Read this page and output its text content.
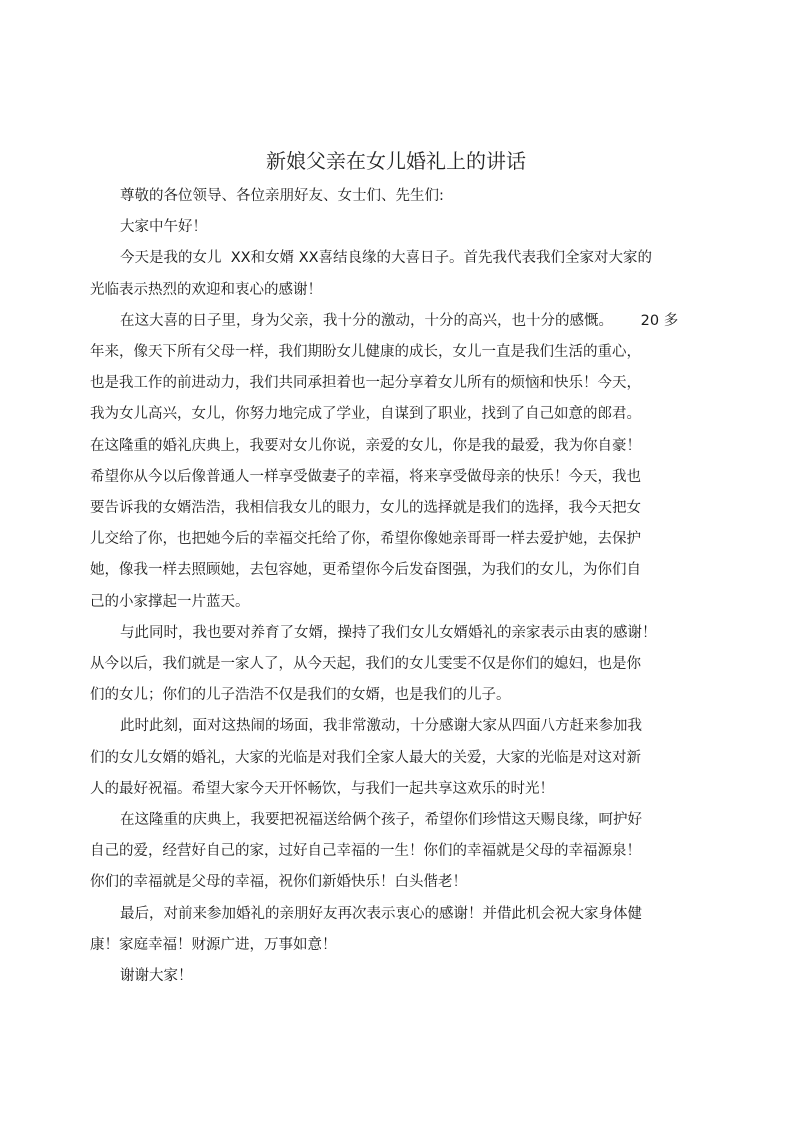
新娘父亲在女儿婚礼上的讲话
尊敬的各位领导、各位亲朋好友、女士们、先生们:
大家中午好！
今天是我的女儿  XX和女婿 XX喜结良缘的大喜日子。首先我代表我们全家对大家的
光临表示热烈的欢迎和衷心的感谢！
在这大喜的日子里，身为父亲，我十分的激动，十分的高兴，也十分的感慨。      20 多
年来，像天下所有父母一样，我们期盼女儿健康的成长，女儿一直是我们生活的重心，
也是我工作的前进动力，我们共同承担着也一起分享着女儿所有的烦恼和快乐！今天，
我为女儿高兴，女儿，你努力地完成了学业，自谋到了职业，找到了自己如意的郎君。
在这隆重的婚礼庆典上，我要对女儿你说，亲爱的女儿，你是我的最爱，我为你自豪！
希望你从今以后像普通人一样享受做妻子的幸福，将来享受做母亲的快乐！今天，我也
要告诉我的女婿浩浩，我相信我女儿的眼力，女儿的选择就是我们的选择，我今天把女
儿交给了你，也把她今后的幸福交托给了你，希望你像她亲哥哥一样去爱护她，去保护
她，像我一样去照顾她，去包容她，更希望你今后发奋图强，为我们的女儿，为你们自
己的小家撑起一片蓝天。
与此同时，我也要对养育了女婿，操持了我们女儿女婿婚礼的亲家表示由衷的感谢！
从今以后，我们就是一家人了，从今天起，我们的女儿雯雯不仅是你们的媳妇，也是你
们的女儿；你们的儿子浩浩不仅是我们的女婿，也是我们的儿子。
此时此刻，面对这热闹的场面，我非常激动，十分感谢大家从四面八方赶来参加我
们的女儿女婿的婚礼，大家的光临是对我们全家人最大的关爱，大家的光临是对这对新
人的最好祝福。希望大家今天开怀畅饮，与我们一起共享这欢乐的时光！
在这隆重的庆典上，我要把祝福送给俩个孩子，希望你们珍惜这天赐良缘，呵护好
自己的爱，经营好自己的家，过好自己幸福的一生！你们的幸福就是父母的幸福源泉！
你们的幸福就是父母的幸福，祝你们新婚快乐！白头偕老！
最后，对前来参加婚礼的亲朋好友再次表示衷心的感谢！并借此机会祝大家身体健
康！家庭幸福！财源广进，万事如意！
谢谢大家！
